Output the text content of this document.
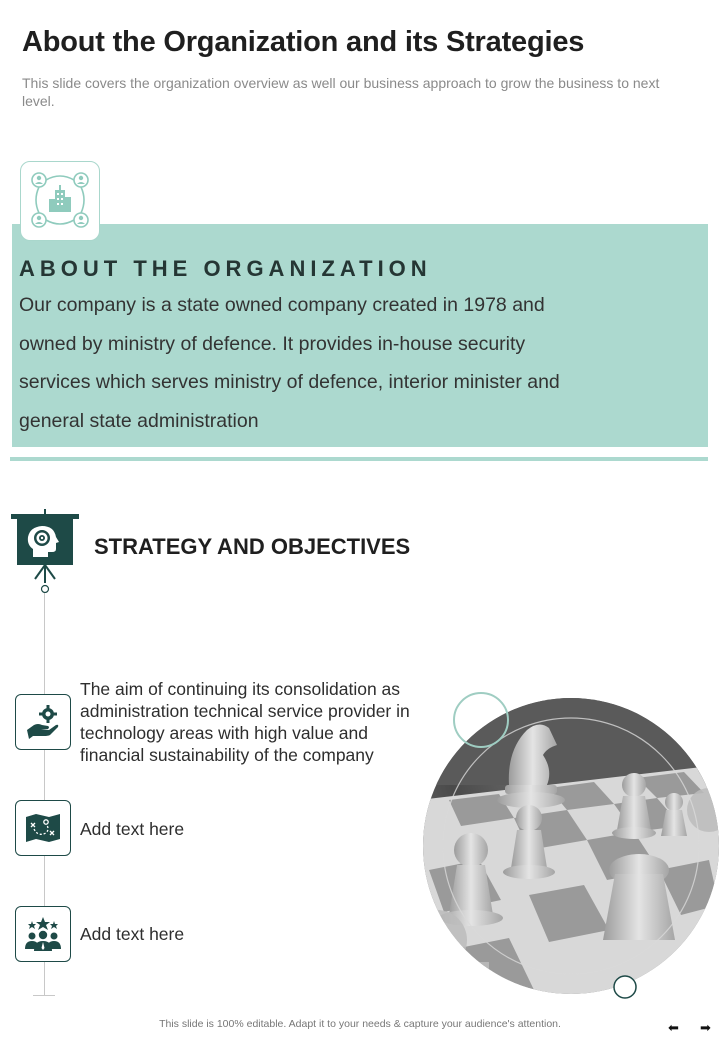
About the Organization and its Strategies

This slide covers the organization overview as well our business approach to grow the business to next level.

ABOUT THE ORGANIZATION

Our company is a state owned company created in 1978 and owned by ministry of defence. It provides in-house security services which serves ministry of defence, interior minister and general state administration

STRATEGY AND OBJECTIVES

The aim of continuing its consolidation as administration technical service provider in technology areas with high value and financial sustainability of the company

Add text here

Add text here

This slide is 100% editable. Adapt it to your needs & capture your audience's attention.	⬅ ➡
